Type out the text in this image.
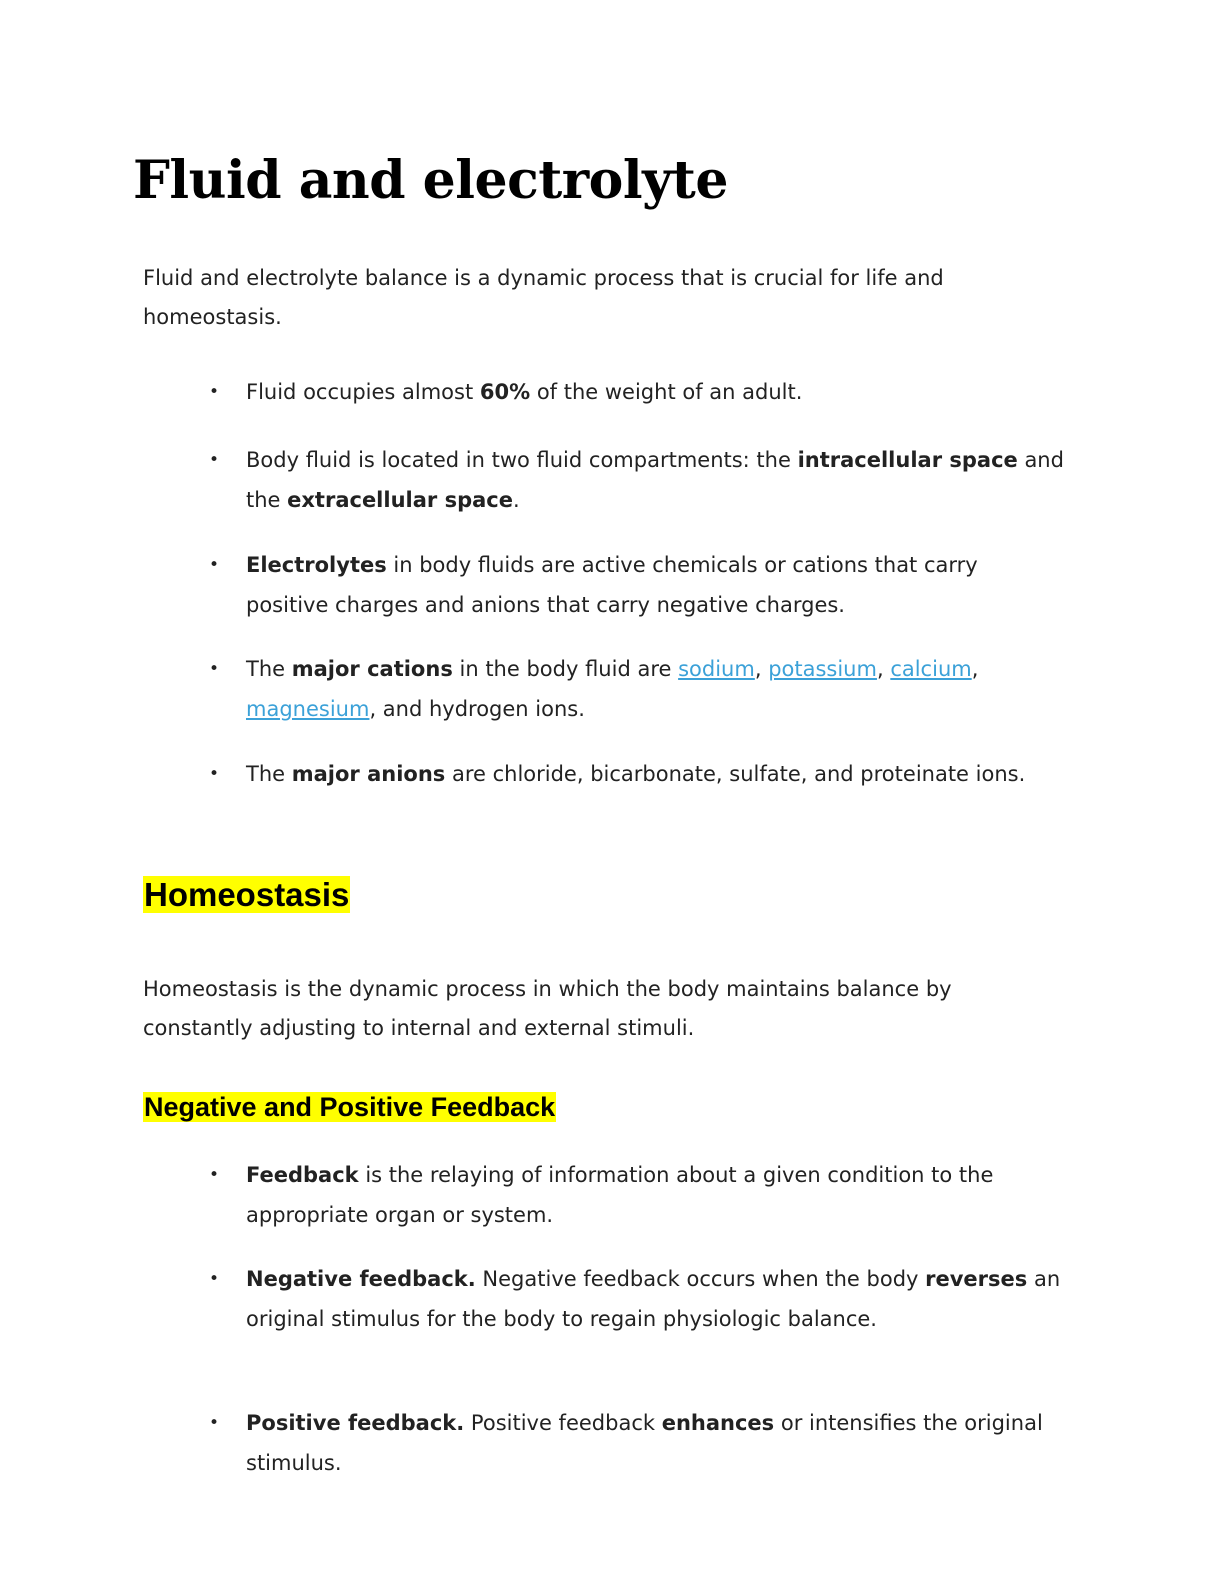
Fluid and electrolyte

Fluid and electrolyte balance is a dynamic process that is crucial for life and homeostasis.

• Fluid occupies almost 60% of the weight of an adult.
• Body fluid is located in two fluid compartments: the intracellular space and the extracellular space.
• Electrolytes in body fluids are active chemicals or cations that carry positive charges and anions that carry negative charges.
• The major cations in the body fluid are sodium, potassium, calcium, magnesium, and hydrogen ions.
• The major anions are chloride, bicarbonate, sulfate, and proteinate ions.
Homeostasis

Homeostasis is the dynamic process in which the body maintains balance by constantly adjusting to internal and external stimuli.

Negative and Positive Feedback
• Feedback is the relaying of information about a given condition to the appropriate organ or system.
• Negative feedback. Negative feedback occurs when the body reverses an original stimulus for the body to regain physiologic balance.
• Positive feedback. Positive feedback enhances or intensifies the original stimulus.
